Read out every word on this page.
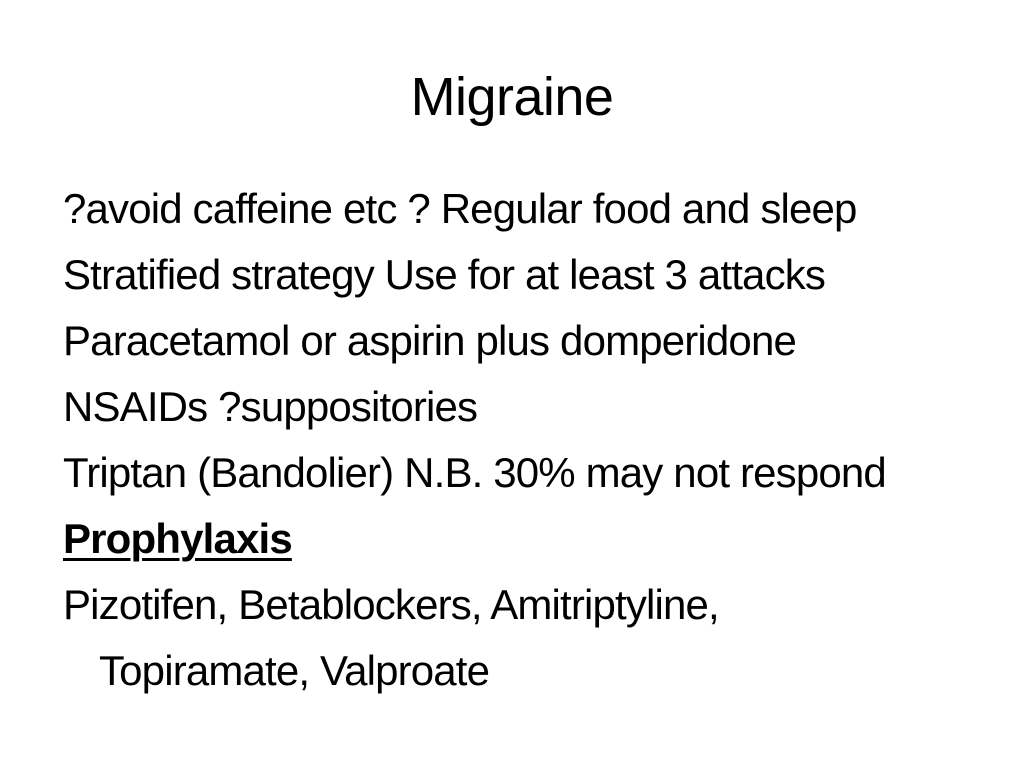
Migraine
?avoid caffeine etc ? Regular food and sleep
Stratified strategy Use for at least 3 attacks
Paracetamol or aspirin plus domperidone
NSAIDs ?suppositories
Triptan (Bandolier) N.B. 30% may not respond
Prophylaxis
Pizotifen, Betablockers, Amitriptyline,
Topiramate, Valproate
